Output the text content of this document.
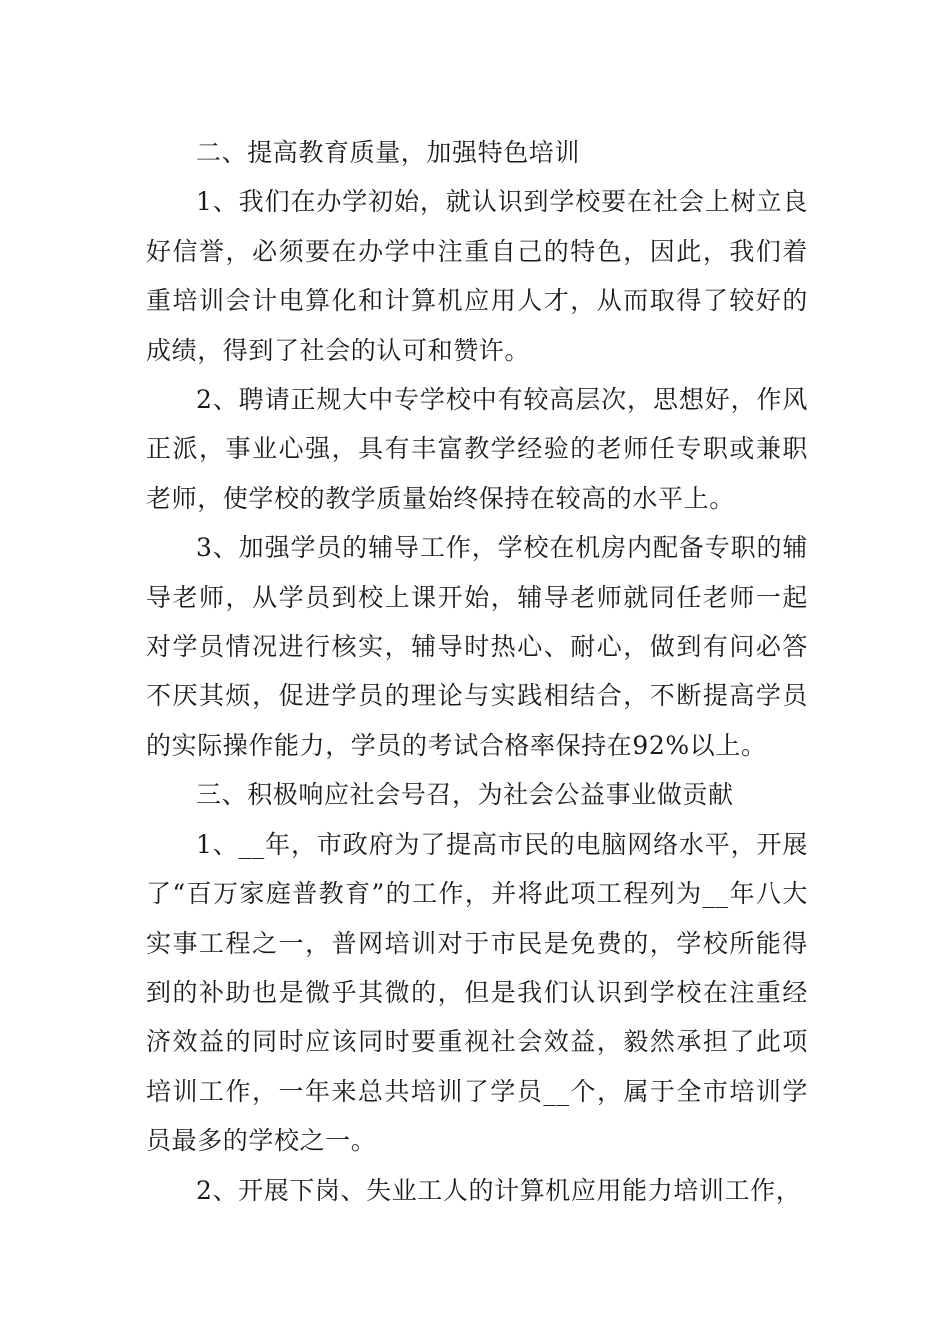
二、提高教育质量，加强特色培训

1、我们在办学初始，就认识到学校要在社会上树立良好信誉，必须要在办学中注重自己的特色，因此，我们着重培训会计电算化和计算机应用人才，从而取得了较好的成绩，得到了社会的认可和赞许。

2、聘请正规大中专学校中有较高层次，思想好，作风正派，事业心强，具有丰富教学经验的老师任专职或兼职老师，使学校的教学质量始终保持在较高的水平上。

3、加强学员的辅导工作，学校在机房内配备专职的辅导老师，从学员到校上课开始，辅导老师就同任老师一起对学员情况进行核实，辅导时热心、耐心，做到有问必答不厌其烦，促进学员的理论与实践相结合，不断提高学员的实际操作能力，学员的考试合格率保持在92%以上。

三、积极响应社会号召，为社会公益事业做贡献

1、__年，市政府为了提高市民的电脑网络水平，开展了“百万家庭普教育”的工作，并将此项工程列为__年八大实事工程之一，普网培训对于市民是免费的，学校所能得到的补助也是微乎其微的，但是我们认识到学校在注重经济效益的同时应该同时要重视社会效益，毅然承担了此项培训工作，一年来总共培训了学员__个，属于全市培训学员最多的学校之一。

2、开展下岗、失业工人的计算机应用能力培训工作，
